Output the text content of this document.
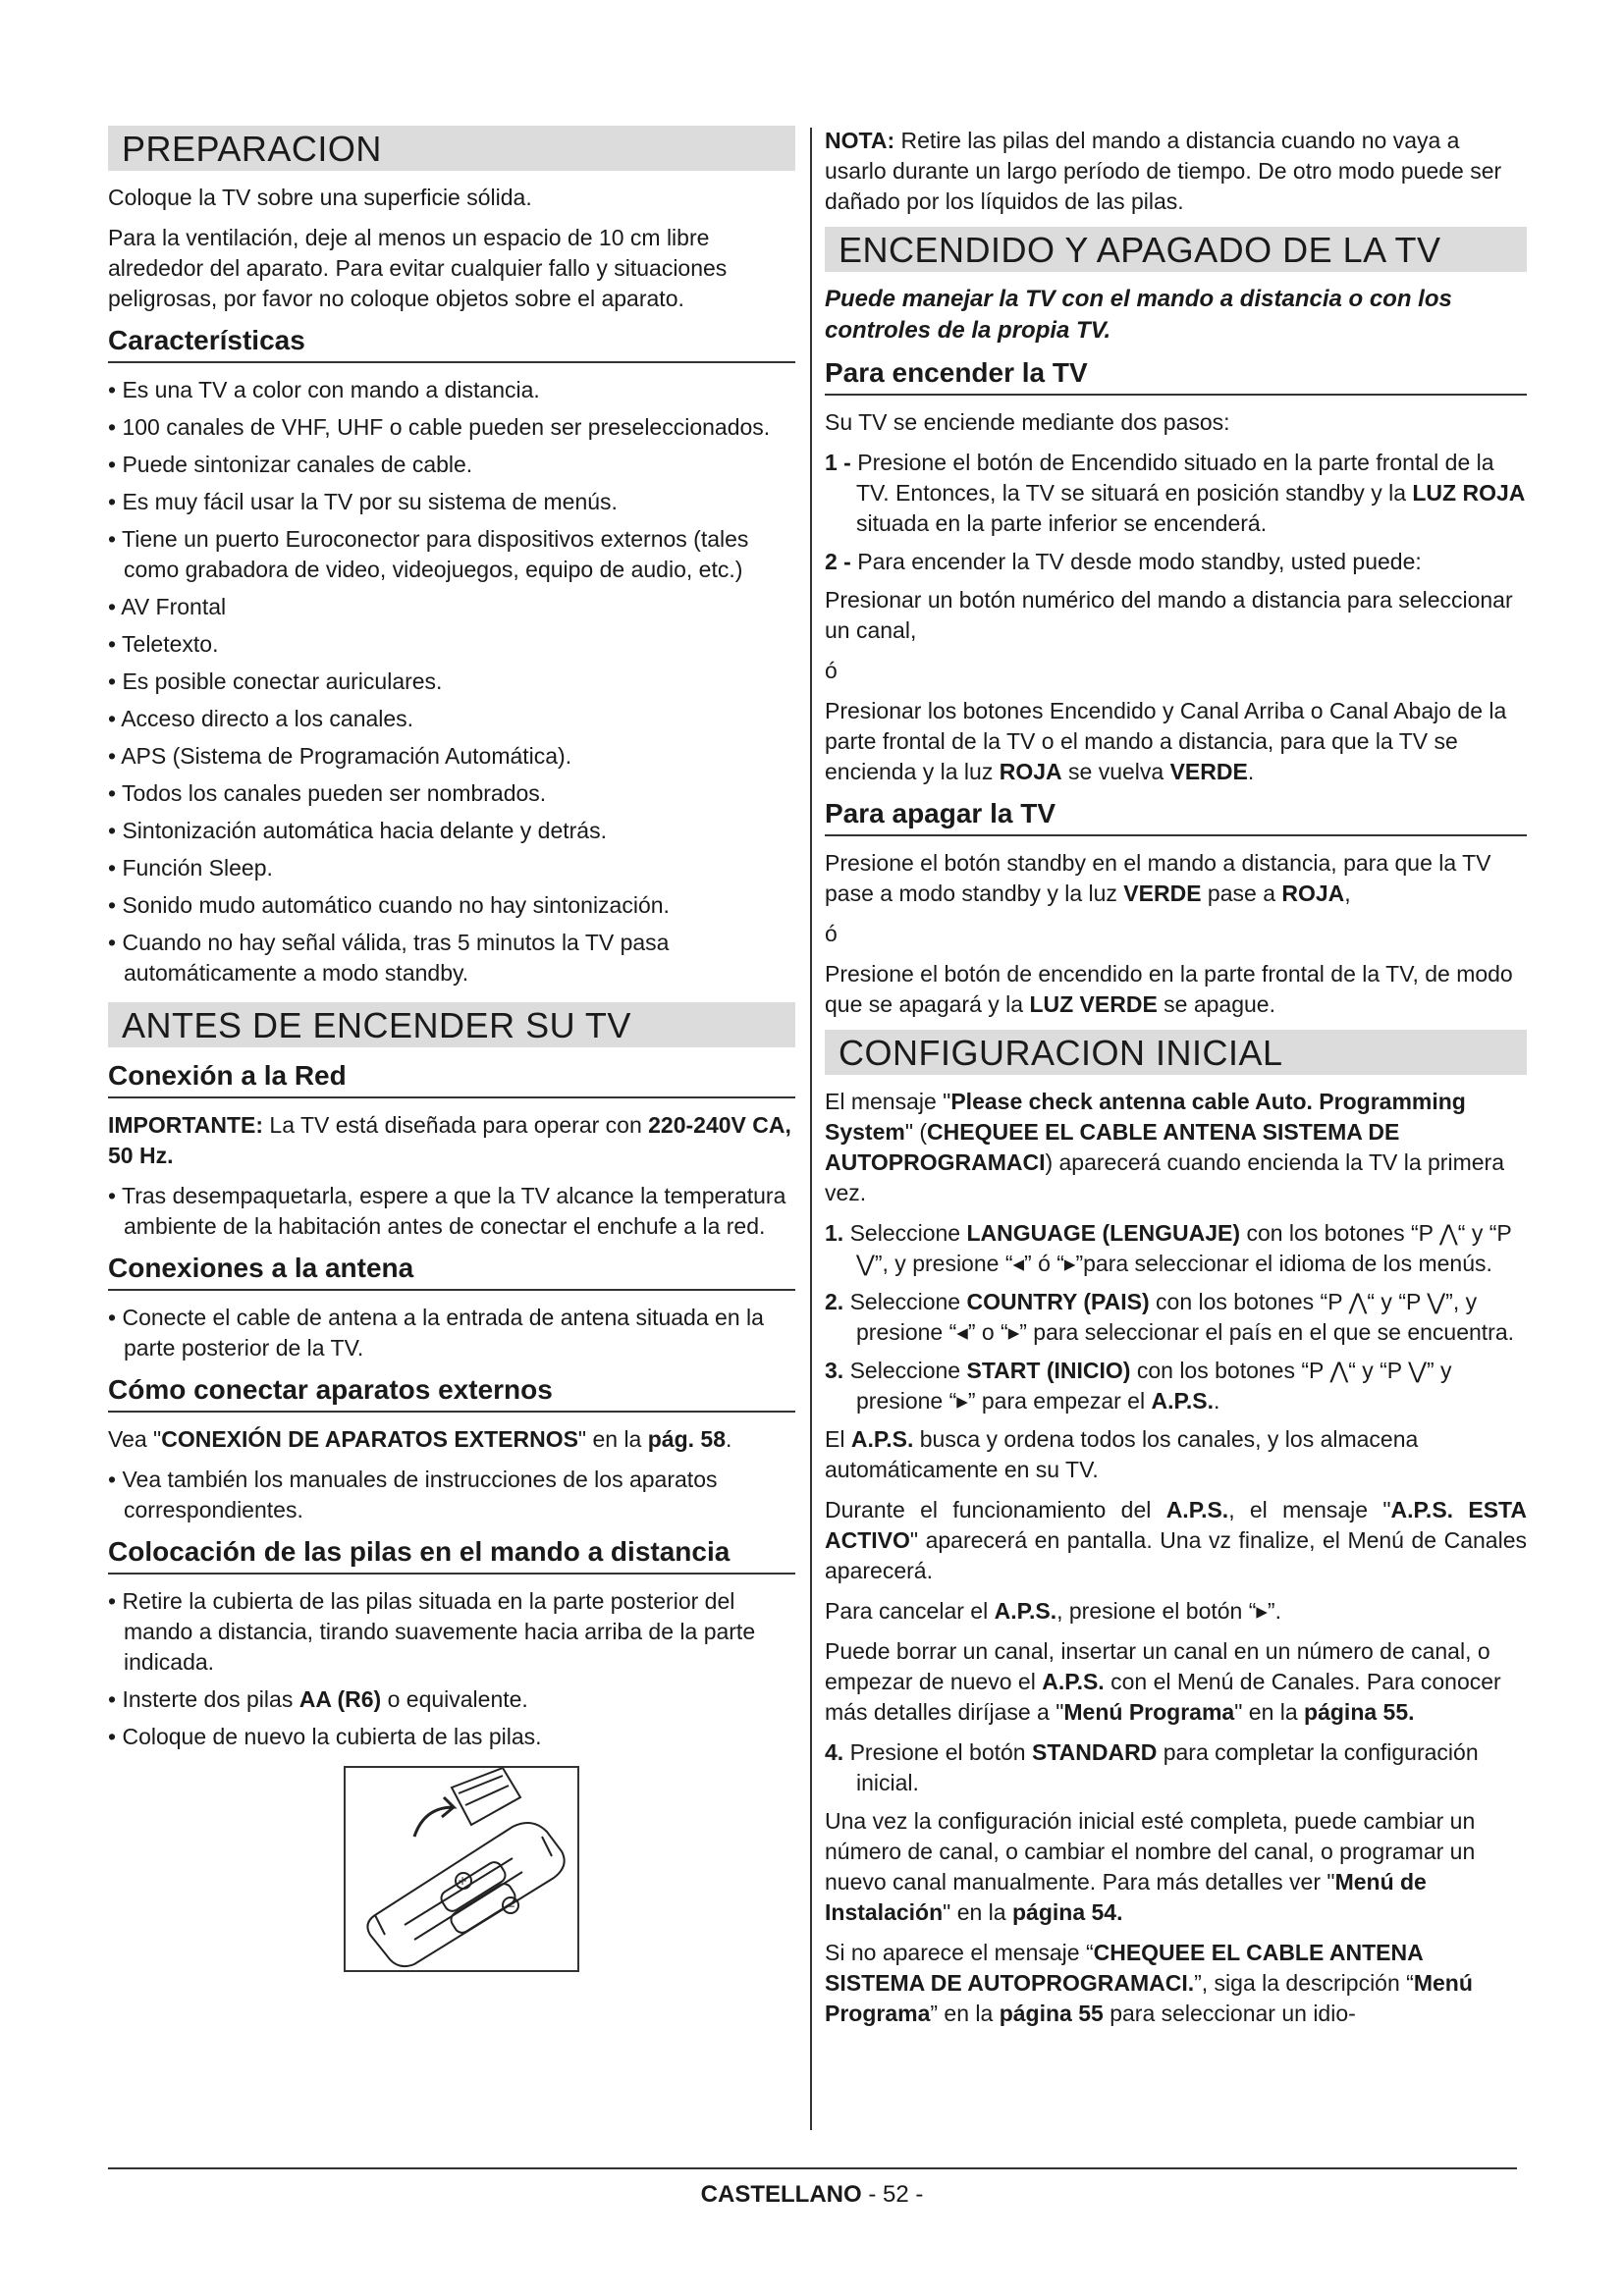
PREPARACION

Coloque la TV sobre una superficie sólida.

Para la ventilación, deje al menos un espacio de 10 cm libre alrededor del aparato. Para evitar cualquier fallo y situaciones peligrosas, por favor no coloque objetos sobre el aparato.

Características
• Es una TV a color con mando a distancia.
• 100 canales de VHF, UHF o cable pueden ser preseleccionados.
• Puede sintonizar canales de cable.
• Es muy fácil usar la TV por su sistema de menús.
• Tiene un puerto Euroconector para dispositivos externos (tales como grabadora de video, videojuegos, equipo de audio, etc.)
• AV Frontal
• Teletexto.
• Es posible conectar auriculares.
• Acceso directo a los canales.
• APS (Sistema de Programación Automática).
• Todos los canales pueden ser nombrados.
• Sintonización automática hacia delante y detrás.
• Función Sleep.
• Sonido mudo automático cuando no hay sintonización.
• Cuando no hay señal válida, tras 5 minutos la TV pasa automáticamente a modo standby.
ANTES DE ENCENDER SU TV
Conexión a la Red

IMPORTANTE: La TV está diseñada para operar con 220-240V CA, 50 Hz.

• Tras desempaquetarla, espere a que la TV alcance la temperatura ambiente de la habitación antes de conectar el enchufe a la red.
Conexiones a la antena
• Conecte el cable de antena a la entrada de antena situada en la parte posterior de la TV.
Cómo conectar aparatos externos

Vea "CONEXIÓN DE APARATOS EXTERNOS" en la pág. 58.

• Vea también los manuales de instrucciones de los aparatos correspondientes.
Colocación de las pilas en el mando a distancia
• Retire la cubierta de las pilas situada en la parte posterior del mando a distancia, tirando suavemente hacia arriba de la parte indicada.
• Insterte dos pilas AA (R6) o equivalente.
• Coloque de nuevo la cubierta de las pilas.
+
−

NOTA: Retire las pilas del mando a distancia cuando no vaya a usarlo durante un largo período de tiempo. De otro modo puede ser dañado por los líquidos de las pilas.

ENCENDIDO Y APAGADO DE LA TV

Puede manejar la TV con el mando a distancia o con los controles de la propia TV.

Para encender la TV

Su TV se enciende mediante dos pasos:

1 - Presione el botón de Encendido situado en la parte frontal de la TV. Entonces, la TV se situará en posición standby y la LUZ ROJA situada en la parte inferior se encenderá.
2 - Para encender la TV desde modo standby, usted puede:

Presionar un botón numérico del mando a distancia para seleccionar un canal,

ó

Presionar los botones Encendido y Canal Arriba o Canal Abajo de la parte frontal de la TV o el mando a distancia, para que la TV se encienda y la luz ROJA se vuelva VERDE.

Para apagar la TV

Presione el botón standby en el mando a distancia, para que la TV pase a modo standby y la luz VERDE pase a ROJA,

ó

Presione el botón de encendido en la parte frontal de la TV, de modo que se apagará y la LUZ VERDE se apague.

CONFIGURACION INICIAL

El mensaje "Please check antenna cable Auto. Programming System" (CHEQUEE EL CABLE ANTENA SISTEMA DE AUTOPROGRAMACI) aparecerá cuando encienda la TV la primera vez.

1. Seleccione LANGUAGE (LENGUAJE) con los botones “P ⋀“ y “P ⋁”, y presione “◂” ó “▸”para seleccionar el idioma de los menús.
2. Seleccione COUNTRY (PAIS) con los botones “P ⋀“ y “P ⋁”, y presione “◂” o “▸” para seleccionar el país en el que se encuentra.
3. Seleccione START (INICIO) con los botones “P ⋀“ y “P ⋁” y presione “▸” para empezar el A.P.S..

El A.P.S. busca y ordena todos los canales, y los almacena automáticamente en su TV.

Durante el funcionamiento del A.P.S., el mensaje "A.P.S. ESTA ACTIVO" aparecerá en pantalla. Una vz finalize, el Menú de Canales aparecerá.

Para cancelar el A.P.S., presione el botón “▸”.

Puede borrar un canal, insertar un canal en un número de canal, o empezar de nuevo el A.P.S. con el Menú de Canales. Para conocer más detalles diríjase a "Menú Programa" en la página 55.

4. Presione el botón STANDARD para completar la configuración inicial.

Una vez la configuración inicial esté completa, puede cambiar un número de canal, o cambiar el nombre del canal, o programar un nuevo canal manualmente. Para más detalles ver "Menú de Instalación" en la página 54.

Si no aparece el mensaje “CHEQUEE EL CABLE ANTENA SISTEMA DE AUTOPROGRAMACI.”, siga la descripción “Menú Programa” en la página 55 para seleccionar un idio-

CASTELLANO - 52 -
